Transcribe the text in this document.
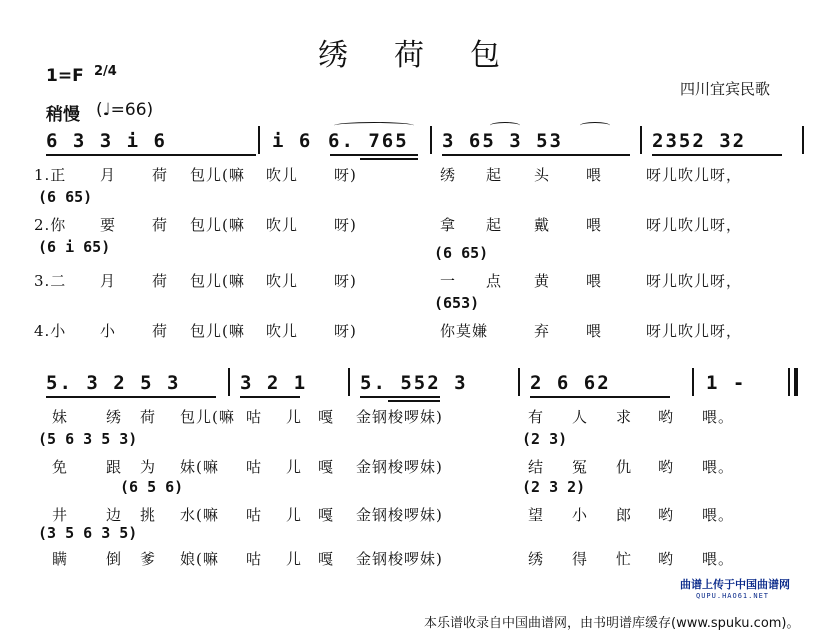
绣　荷　包
1=F 2/4
稍慢 (♩=66)
四川宜宾民歌
6 3 3 i 6	i 6 6. 765 3 65 3 53	2352 32
1.正 月 荷 包儿(嘛 吹儿 呀)	绣 起 头 喂	呀儿吹儿呀，
(6 65)
2.你 要 荷 包儿(嘛 吹儿 呀)	拿 起 戴 喂	呀儿吹儿呀，
(6 i 65)	(6 65)
3.二 月 荷 包儿(嘛 吹儿 呀)	一 点 黄 喂	呀儿吹儿呀，
(653)
4.小 小 荷 包儿(嘛 吹儿 呀)	你莫嫌	弃 喂	呀儿吹儿呀，
5. 3 2 5 3	3 2 1	5. 552 3	2 6 62	1 -
妹	绣 荷 包儿(嘛 咕 儿 嘎 金钢梭啰妹)	有 人 求 哟 喂。
(5 6 3 5 3)	(2 3)
免	跟 为 妹(嘛 咕 儿 嘎 金钢梭啰妹)	结 冤 仇 哟 喂。
(6 5 6)	(2 3 2)
井	边 挑 水(嘛 咕 儿 嘎 金钢梭啰妹)	望 小 郎 哟 喂。
(3 5 6 3 5)
瞒	倒 爹 娘(嘛 咕 儿 嘎 金钢梭啰妹)	绣 得 忙 哟 喂。
曲谱上传于中国曲谱网
QUPU.HAO61.NET
本乐谱收录自中国曲谱网，由书明谱库缓存(www.spuku.com)。
